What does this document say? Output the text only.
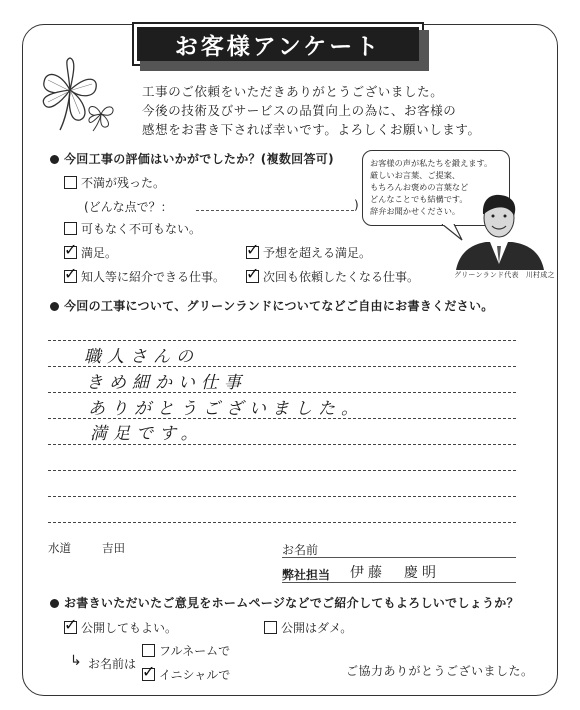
お客様アンケート
工事のご依頼をいただきありがとうございました。
今後の技術及びサービスの品質向上の為に、お客様の
感想をお書き下されば幸いです。よろしくお願いします。
今回工事の評価はいかがでしたか？(複数回答可)
不満が残った。
(どんな点で？：	)
可もなく不可もない。
✓ 満足。	✓ 予想を超える満足。
✓ 知人等に紹介できる仕事。 ✓ 次回も依頼したくなる仕事。
お客様の声が私たちを鍛えます。
厳しいお言葉、ご提案、
もちろんお褒めの言葉など
どんなことでも結構です。
辞弁お聞かせください。
グリーンランド代表　川村成之
今回の工事について、グリーンランドについてなどご自由にお書きください。
職人さんの
きめ細かい仕事
ありがとうございました。
満足です。
水道	吉田	お名前
弊社担当 伊藤　慶明
お書きいただいたご意見をホームページなどでご紹介してもよろしいでしょうか？
✓ 公開してもよい。	公開はダメ。
↳ お名前は
フルネームで
✓ イニシャルで	ご協力ありがとうございました。
